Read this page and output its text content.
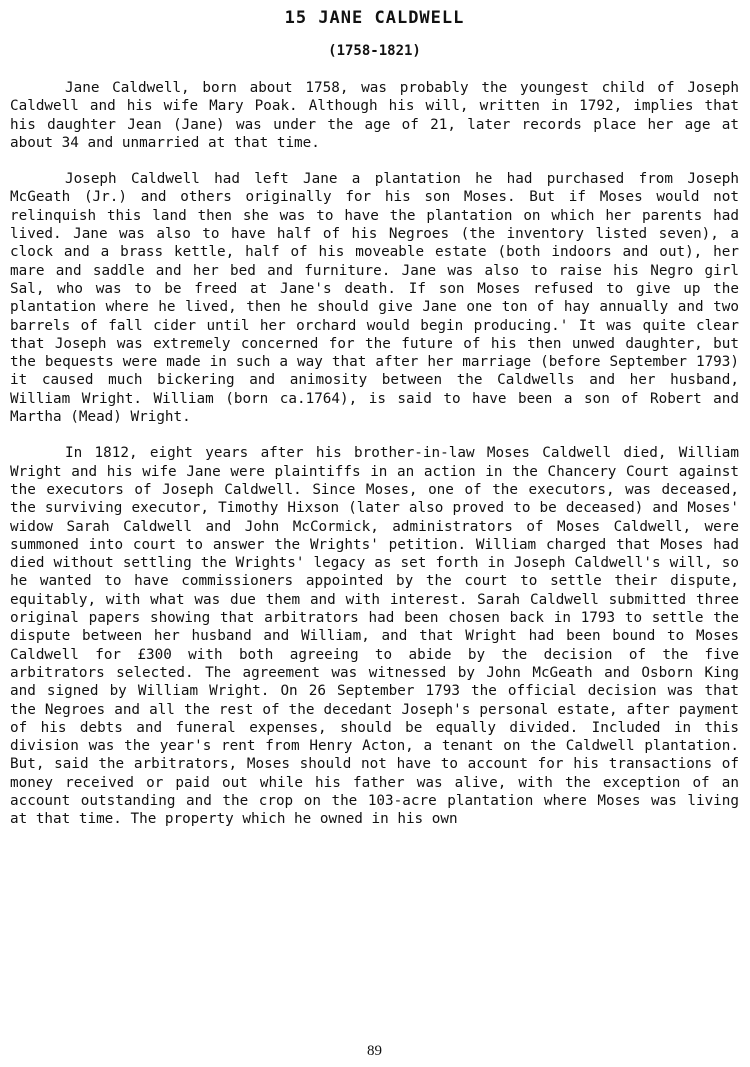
15 JANE CALDWELL
(1758-1821)

Jane Caldwell, born about 1758, was probably the youngest child of Joseph Caldwell and his wife Mary Poak. Although his will, written in 1792, implies that his daughter Jean (Jane) was under the age of 21, later records place her age at about 34 and unmarried at that time.

Joseph Caldwell had left Jane a plantation he had purchased from Joseph McGeath (Jr.) and others originally for his son Moses. But if Moses would not relinquish this land then she was to have the plantation on which her parents had lived. Jane was also to have half of his Negroes (the inventory listed seven), a clock and a brass kettle, half of his moveable estate (both indoors and out), her mare and saddle and her bed and furniture. Jane was also to raise his Negro girl Sal, who was to be freed at Jane's death. If son Moses refused to give up the plantation where he lived, then he should give Jane one ton of hay annually and two barrels of fall cider until her orchard would begin producing.' It was quite clear that Joseph was extremely concerned for the future of his then unwed daughter, but the bequests were made in such a way that after her marriage (before September 1793) it caused much bickering and animosity between the Caldwells and her husband, William Wright. William (born ca.1764), is said to have been a son of Robert and Martha (Mead) Wright.

In 1812, eight years after his brother-in-law Moses Caldwell died, William Wright and his wife Jane were plaintiffs in an action in the Chancery Court against the executors of Joseph Caldwell. Since Moses, one of the executors, was deceased, the surviving executor, Timothy Hixson (later also proved to be deceased) and Moses' widow Sarah Caldwell and John McCormick, administrators of Moses Caldwell, were summoned into court to answer the Wrights' petition. William charged that Moses had died without settling the Wrights' legacy as set forth in Joseph Caldwell's will, so he wanted to have commissioners appointed by the court to settle their dispute, equitably, with what was due them and with interest. Sarah Caldwell submitted three original papers showing that arbitrators had been chosen back in 1793 to settle the dispute between her husband and William, and that Wright had been bound to Moses Caldwell for £300 with both agreeing to abide by the decision of the five arbitrators selected. The agreement was witnessed by John McGeath and Osborn King and signed by William Wright. On 26 September 1793 the official decision was that the Negroes and all the rest of the decedant Joseph's personal estate, after payment of his debts and funeral expenses, should be equally divided. Included in this division was the year's rent from Henry Acton, a tenant on the Caldwell plantation. But, said the arbitrators, Moses should not have to account for his transactions of money received or paid out while his father was alive, with the exception of an account outstanding and the crop on the 103-acre plantation where Moses was living at that time. The property which he owned in his own

89
